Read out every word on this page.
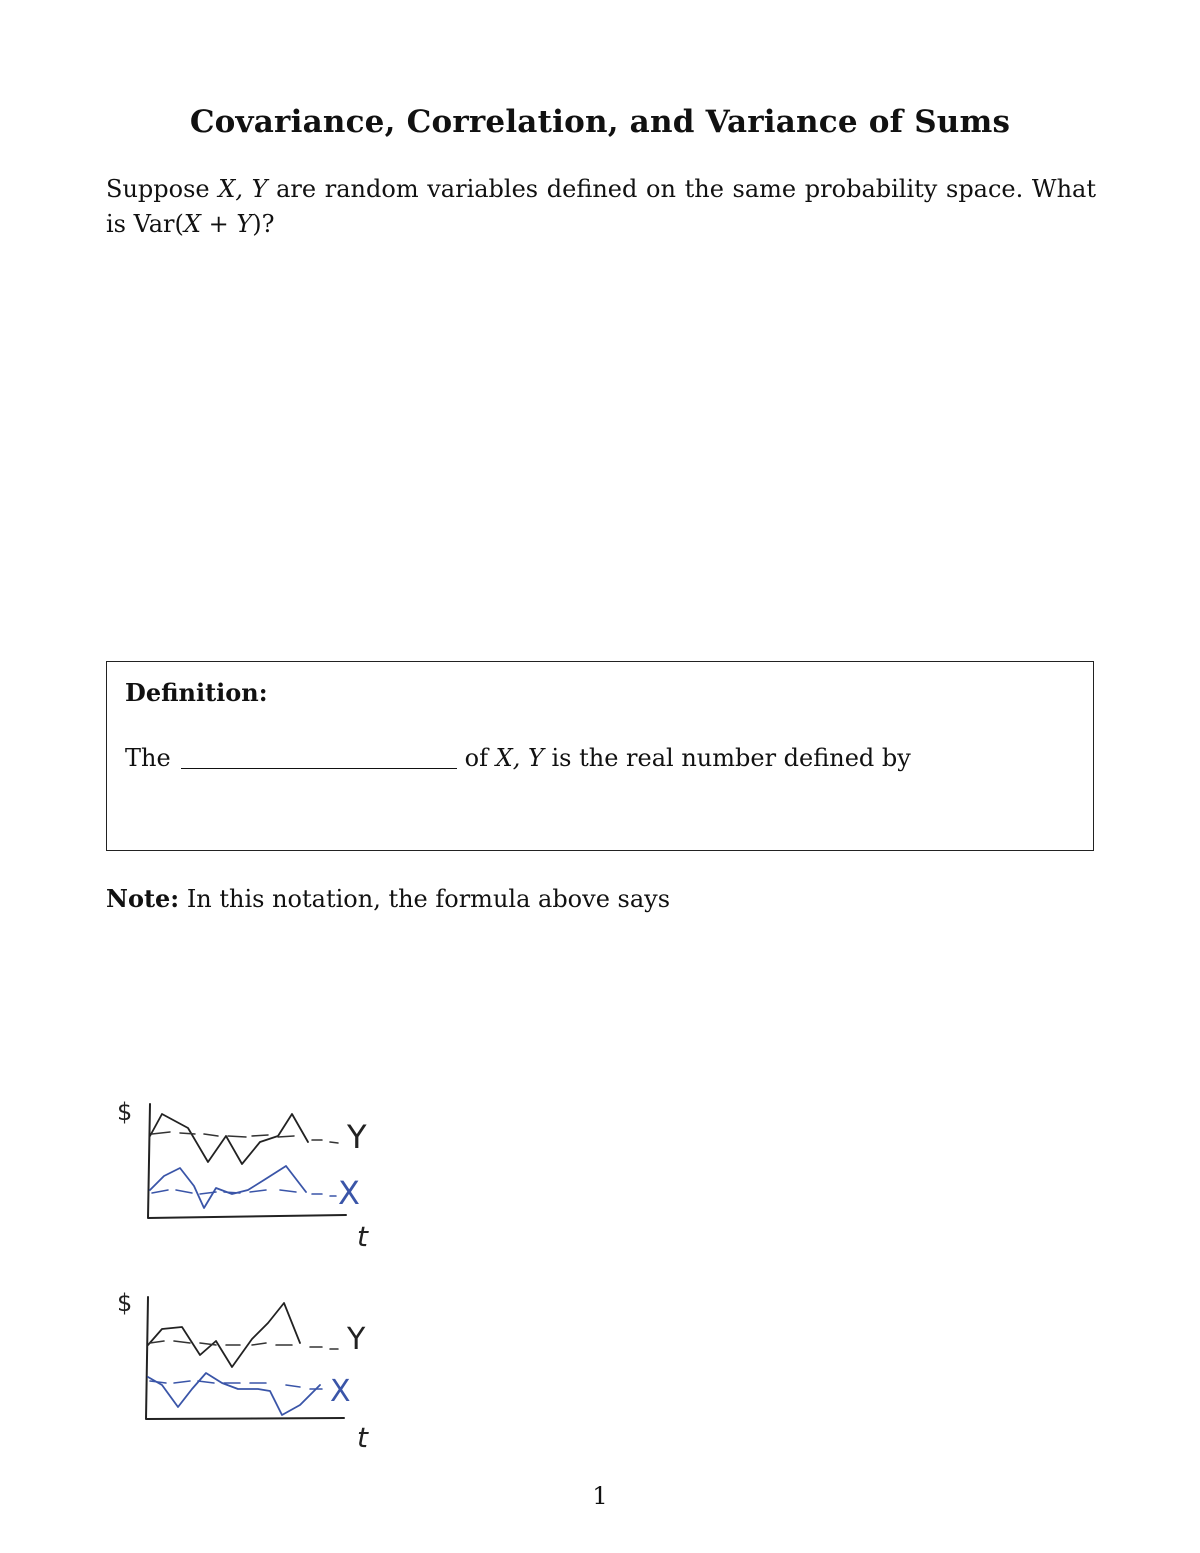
Covariance, Correlation, and Variance of Sums
Suppose X, Y are random variables defined on the same probability space. What is Var(X + Y)?
Definition:
The	of X, Y is the real number defined by
Note: In this notation, the formula above says
$
Y
X
t
$
Y
X
t
1
